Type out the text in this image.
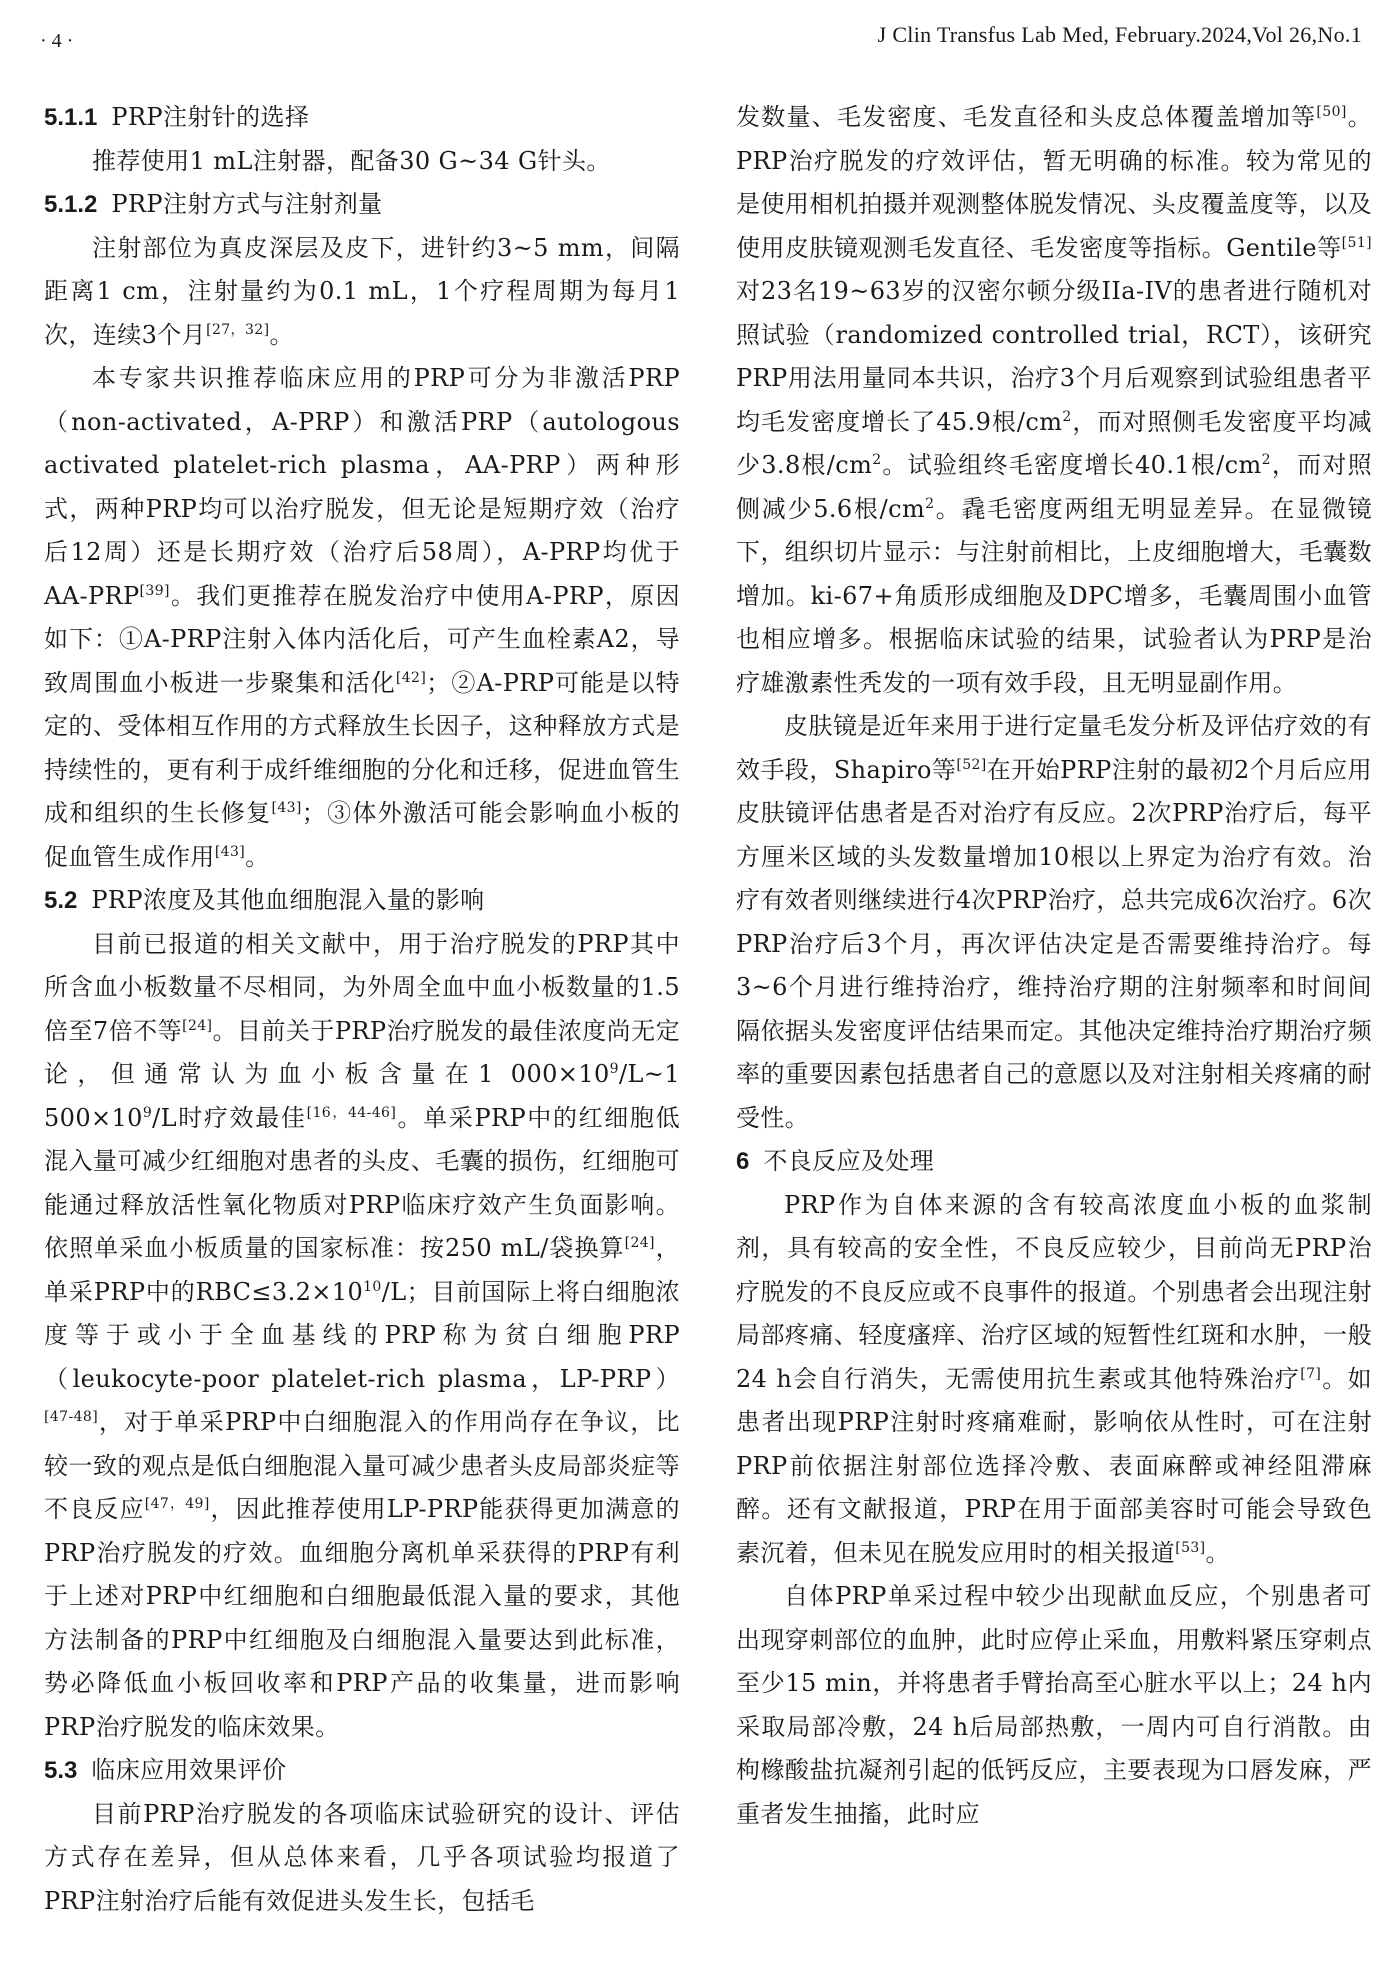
· 4 ·	J Clin Transfus Lab Med, February.2024,Vol 26,No.1
5.1.1 PRP注射针的选择

推荐使用1 mL注射器，配备30 G~34 G针头。

5.1.2 PRP注射方式与注射剂量

注射部位为真皮深层及皮下，进针约3~5 mm，间隔距离1 cm，注射量约为0.1 mL，1个疗程周期为每月1次，连续3个月[27，32]。

本专家共识推荐临床应用的PRP可分为非激活PRP（non-activated，A-PRP）和激活PRP（autologous activated platelet-rich plasma，AA-PRP）两种形式，两种PRP均可以治疗脱发，但无论是短期疗效（治疗后12周）还是长期疗效（治疗后58周），A-PRP均优于AA-PRP[39]。我们更推荐在脱发治疗中使用A-PRP，原因如下：①A-PRP注射入体内活化后，可产生血栓素A2，导致周围血小板进一步聚集和活化[42]；②A-PRP可能是以特定的、受体相互作用的方式释放生长因子，这种释放方式是持续性的，更有利于成纤维细胞的分化和迁移，促进血管生成和组织的生长修复[43]；③体外激活可能会影响血小板的促血管生成作用[43]。

5.2 PRP浓度及其他血细胞混入量的影响

目前已报道的相关文献中，用于治疗脱发的PRP其中所含血小板数量不尽相同，为外周全血中血小板数量的1.5倍至7倍不等[24]。目前关于PRP治疗脱发的最佳浓度尚无定论，但通常认为血小板含量在1 $000\times 10^9/L\sim 1$ $500\times 10^9/L$时疗效最佳[16，44-46]。单采PRP中的红细胞低混入量可减少红细胞对患者的头皮、毛囊的损伤，红细胞可能通过释放活性氧化物质对PRP临床疗效产生负面影响。依照单采血小板质量的国家标准：按250 mL/袋换算[24]，单采PRP中的$RBC\le 3.2\times 10^{10}/L$；目前国际上将白细胞浓度等于或小于全血基线的PRP称为贫白细胞PRP（leukocyte-poor platelet-rich plasma，LP-PRP）[47-48]，对于单采PRP中白细胞混入的作用尚存在争议，比较一致的观点是低白细胞混入量可减少患者头皮局部炎症等不良反应[47，49]，因此推荐使用LP-PRP能获得更加满意的PRP治疗脱发的疗效。血细胞分离机单采获得的PRP有利于上述对PRP中红细胞和白细胞最低混入量的要求，其他方法制备的PRP中红细胞及白细胞混入量要达到此标准，势必降低血小板回收率和PRP产品的收集量，进而影响PRP治疗脱发的临床效果。

5.3 临床应用效果评价

目前PRP治疗脱发的各项临床试验研究的设计、评估方式存在差异，但从总体来看，几乎各项试验均报道了PRP注射治疗后能有效促进头发生长，包括毛

发数量、毛发密度、毛发直径和头皮总体覆盖增加等[50]。PRP治疗脱发的疗效评估，暂无明确的标准。较为常见的是使用相机拍摄并观测整体脱发情况、头皮覆盖度等，以及使用皮肤镜观测毛发直径、毛发密度等指标。Gentile等[51]对23名19~63岁的汉密尔顿分级IIa-IV的患者进行随机对照试验（randomized controlled trial，RCT），该研究PRP用法用量同本共识，治疗3个月后观察到试验组患者平均毛发密度增长了45.9根$/cm^2$，而对照侧毛发密度平均减少3.8根$/cm^2$。试验组终毛密度增长40.1根$/cm^2$，而对照侧减少5.6根$/cm^2$。毳毛密度两组无明显差异。在显微镜下，组织切片显示：与注射前相比，上皮细胞增大，毛囊数增加。ki-67+角质形成细胞及DPC增多，毛囊周围小血管也相应增多。根据临床试验的结果，试验者认为PRP是治疗雄激素性秃发的一项有效手段，且无明显副作用。

皮肤镜是近年来用于进行定量毛发分析及评估疗效的有效手段，Shapiro等[52]在开始PRP注射的最初2个月后应用皮肤镜评估患者是否对治疗有反应。2次PRP治疗后，每平方厘米区域的头发数量增加10根以上界定为治疗有效。治疗有效者则继续进行4次PRP治疗，总共完成6次治疗。6次PRP治疗后3个月，再次评估决定是否需要维持治疗。每3~6个月进行维持治疗，维持治疗期的注射频率和时间间隔依据头发密度评估结果而定。其他决定维持治疗期治疗频率的重要因素包括患者自己的意愿以及对注射相关疼痛的耐受性。

6 不良反应及处理

PRP作为自体来源的含有较高浓度血小板的血浆制剂，具有较高的安全性，不良反应较少，目前尚无PRP治疗脱发的不良反应或不良事件的报道。个别患者会出现注射局部疼痛、轻度瘙痒、治疗区域的短暂性红斑和水肿，一般24 h会自行消失，无需使用抗生素或其他特殊治疗[7]。如患者出现PRP注射时疼痛难耐，影响依从性时，可在注射PRP前依据注射部位选择冷敷、表面麻醉或神经阻滞麻醉。还有文献报道，PRP在用于面部美容时可能会导致色素沉着，但未见在脱发应用时的相关报道[53]。

自体PRP单采过程中较少出现献血反应，个别患者可出现穿刺部位的血肿，此时应停止采血，用敷料紧压穿刺点至少15 min，并将患者手臂抬高至心脏水平以上；24 h内采取局部冷敷，24 h后局部热敷，一周内可自行消散。由枸橼酸盐抗凝剂引起的低钙反应，主要表现为口唇发麻，严重者发生抽搐，此时应
